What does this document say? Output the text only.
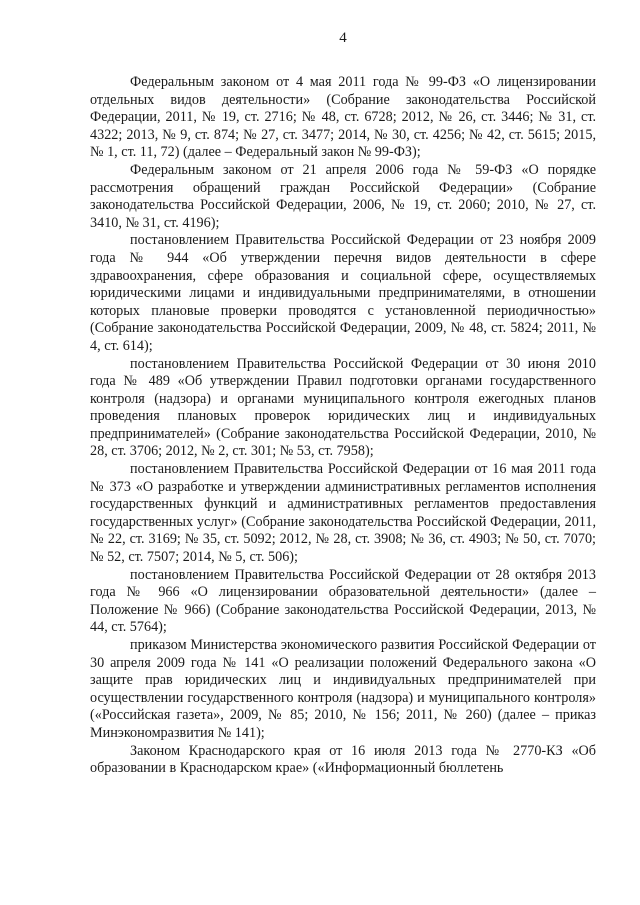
4

Федеральным законом от 4 мая 2011 года № 99-ФЗ «О лицензировании отдельных видов деятельности» (Собрание законодательства Российской Федерации, 2011, № 19, ст. 2716; № 48, ст. 6728; 2012, № 26, ст. 3446; № 31, ст. 4322; 2013, № 9, ст. 874; № 27, ст. 3477; 2014, № 30, ст. 4256; № 42, ст. 5615; 2015, № 1, ст. 11, 72) (далее – Федеральный закон № 99-ФЗ);

Федеральным законом от 21 апреля 2006 года № 59-ФЗ «О порядке рассмотрения обращений граждан Российской Федерации» (Собрание законодательства Российской Федерации, 2006, № 19, ст. 2060; 2010, № 27, ст. 3410, № 31, ст. 4196);

постановлением Правительства Российской Федерации от 23 ноября 2009 года № 944 «Об утверждении перечня видов деятельности в сфере здравоохранения, сфере образования и социальной сфере, осуществляемых юридическими лицами и индивидуальными предпринимателями, в отношении которых плановые проверки проводятся с установленной периодичностью» (Собрание законодательства Российской Федерации, 2009, № 48, ст. 5824; 2011, № 4, ст. 614);

постановлением Правительства Российской Федерации от 30 июня 2010 года № 489 «Об утверждении Правил подготовки органами государственного контроля (надзора) и органами муниципального контроля ежегодных планов проведения плановых проверок юридических лиц и индивидуальных предпринимателей» (Собрание законодательства Российской Федерации, 2010, № 28, ст. 3706; 2012, № 2, ст. 301; № 53, ст. 7958);

постановлением Правительства Российской Федерации от 16 мая 2011 года № 373 «О разработке и утверждении административных регламентов исполнения государственных функций и административных регламентов предоставления государственных услуг» (Собрание законодательства Российской Федерации, 2011, № 22, ст. 3169; № 35, ст. 5092; 2012, № 28, ст. 3908; № 36, ст. 4903; № 50, ст. 7070; № 52, ст. 7507; 2014, № 5, ст. 506);

постановлением Правительства Российской Федерации от 28 октября 2013 года № 966 «О лицензировании образовательной деятельности» (далее – Положение № 966) (Собрание законодательства Российской Федерации, 2013, № 44, ст. 5764);

приказом Министерства экономического развития Российской Федерации от 30 апреля 2009 года № 141 «О реализации положений Федерального закона «О защите прав юридических лиц и индивидуальных предпринимателей при осуществлении государственного контроля (надзора) и муниципального контроля» («Российская газета», 2009, № 85; 2010, № 156; 2011, № 260) (далее – приказ Минэкономразвития № 141);

Законом Краснодарского края от 16 июля 2013 года № 2770-КЗ «Об образовании в Краснодарском крае» («Информационный бюллетень
